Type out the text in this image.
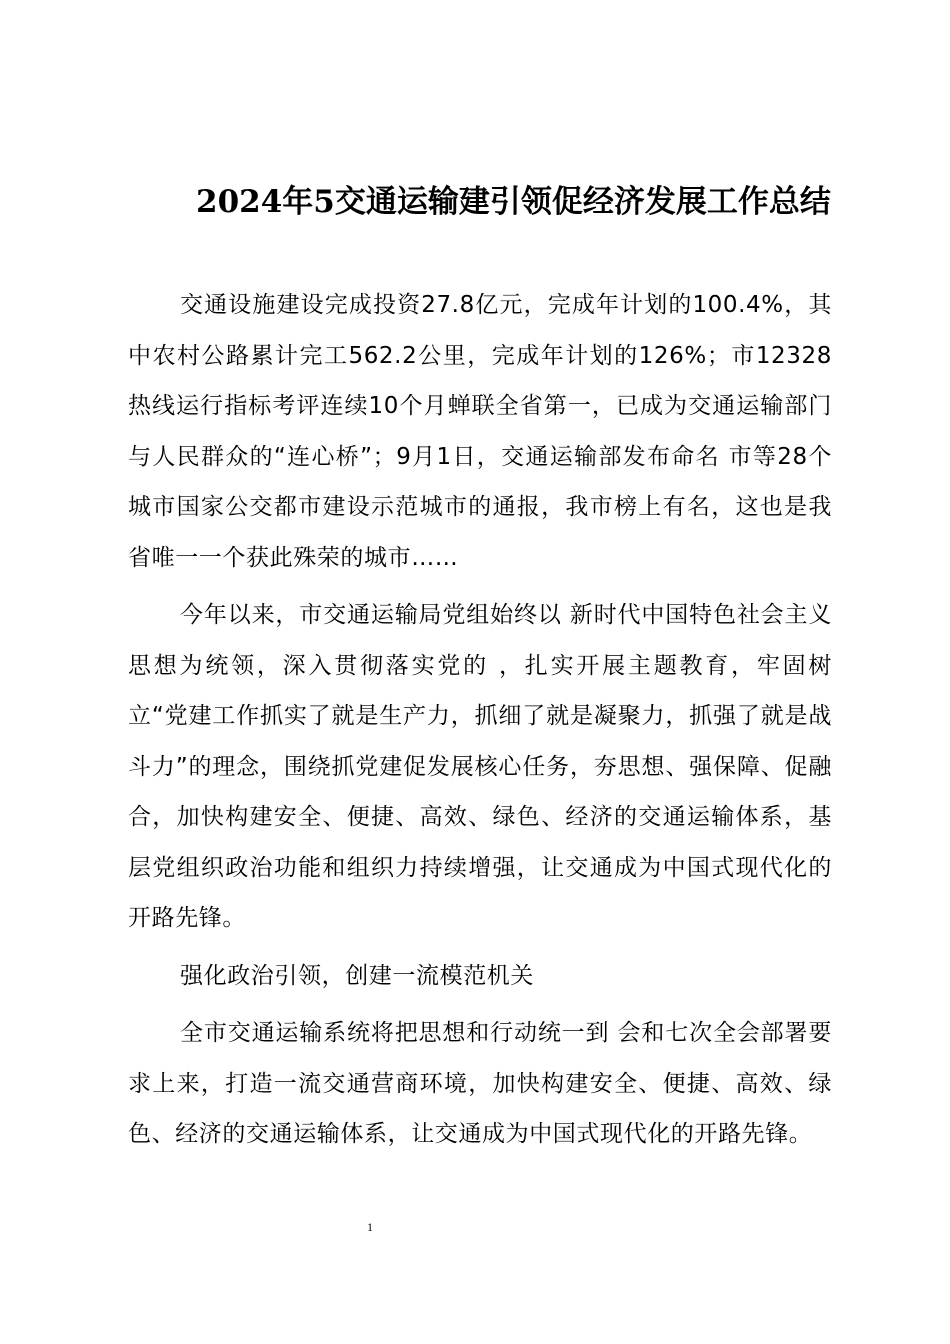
2024年5交通运输建引领促经济发展工作总结

交通设施建设完成投资27.8亿元，完成年计划的100.4%，其中农村公路累计完工562.2公里，完成年计划的126%；市12328热线运行指标考评连续10个月蝉联全省第一，已成为交通运输部门与人民群众的“连心桥”；9月1日，交通运输部发布命名 市等28个城市国家公交都市建设示范城市的通报，我市榜上有名，这也是我省唯一一个获此殊荣的城市……

今年以来，市交通运输局党组始终以 新时代中国特色社会主义思想为统领，深入贯彻落实党的 ，扎实开展主题教育，牢固树立“党建工作抓实了就是生产力，抓细了就是凝聚力，抓强了就是战斗力”的理念，围绕抓党建促发展核心任务，夯思想、强保障、促融合，加快构建安全、便捷、高效、绿色、经济的交通运输体系，基层党组织政治功能和组织力持续增强，让交通成为中国式现代化的开路先锋。

强化政治引领，创建一流模范机关

全市交通运输系统将把思想和行动统一到 会和七次全会部署要求上来，打造一流交通营商环境，加快构建安全、便捷、高效、绿色、经济的交通运输体系，让交通成为中国式现代化的开路先锋。

1
